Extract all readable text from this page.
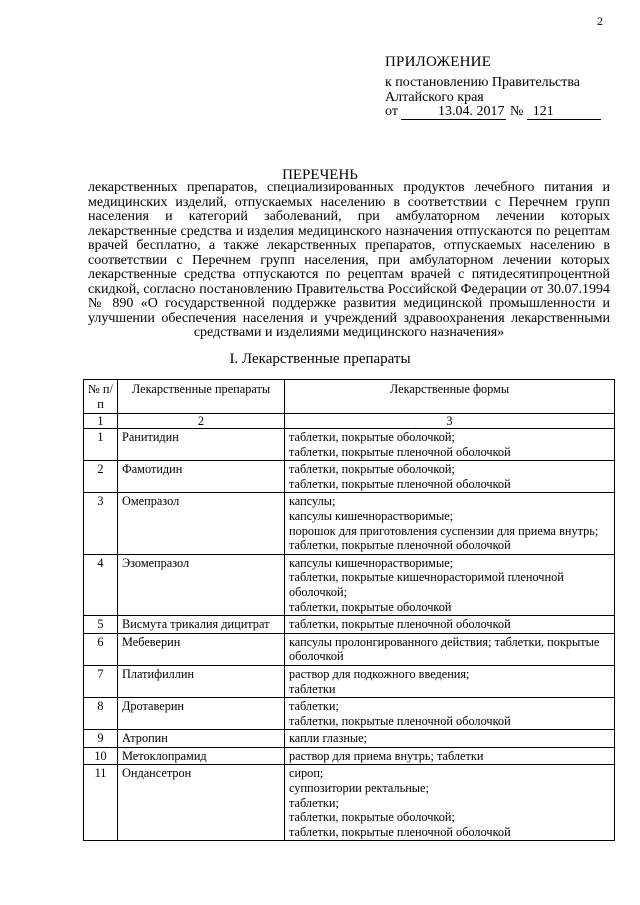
2
ПРИЛОЖЕНИЕ
к постановлению Правительства
Алтайского края
от	13.04. 2017 № 121
ПЕРЕЧЕНЬ
лекарственных препаратов, специализированных продуктов лечебного питания и медицинских изделий, отпускаемых населению в соответствии с Перечнем групп населения и категорий заболеваний, при амбулаторном лечении которых лекарственные средства и изделия медицинского назначения отпускаются по рецептам врачей бесплатно, а также лекарственных препаратов, отпускаемых населению в соответствии с Перечнем групп населения, при амбулаторном лечении которых лекарственные средства отпускаются по рецептам врачей с пятидесятипроцентной скидкой, согласно постановлению Правительства Российской Федерации от 30.07.1994 № 890 «О государственной поддержке развития медицинской промышленности и улучшении обеспечения населения и учреждений здравоохранения лекарственными средствами и изделиями медицинского назначения»
I. Лекарственные препараты
№ п/п	Лекарственные препараты	Лекарственные формы
1	2	3
1	Ранитидин	таблетки, покрытые оболочкой;
таблетки, покрытые пленочной оболочкой

2	Фамотидин	таблетки, покрытые оболочкой;
таблетки, покрытые пленочной оболочкой

3	Омепразол	капсулы;
капсулы кишечнорастворимые;
порошок для приготовления суспензии для приема внутрь;
таблетки, покрытые пленочной оболочкой

4	Эзомепразол	капсулы кишечнорастворимые;
таблетки, покрытые кишечнорасторимой пленочной оболочкой;
таблетки, покрытые оболочкой

5	Висмута трикалия дицитрат	таблетки, покрытые пленочной оболочкой

6	Мебеверин	капсулы пролонгированного действия; таблетки, покрытые оболочкой

7	Платифиллин	раствор для подкожного введения;
таблетки

8	Дротаверин	таблетки;
таблетки, покрытые пленочной оболочкой

9	Атропин	капли глазные;

10	Метоклопрамид	раствор для приема внутрь; таблетки

11	Ондансетрон	сироп;
суппозитории ректальные;
таблетки;
таблетки, покрытые оболочкой;
таблетки, покрытые пленочной оболочкой
